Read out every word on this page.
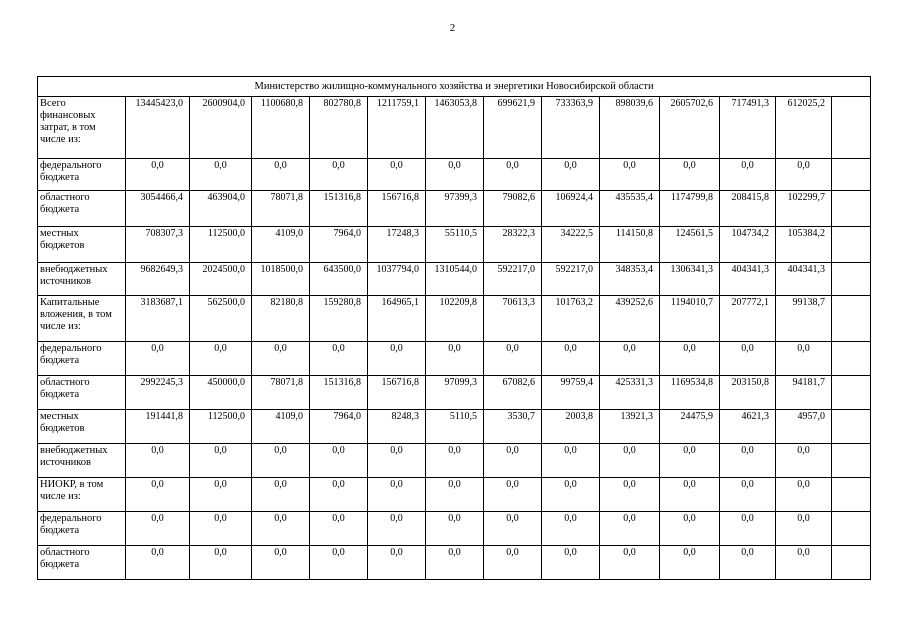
2
Министерство жилищно-коммунального хозяйства и энергетики Новосибирской области													
Всего финансовых затрат, в том числе из:	13445423,0	2600904,0	1100680,8	802780,8	1211759,1	1463053,8	699621,9	733363,9	898039,6	2605702,6	717491,3	612025,2	
федерального бюджета	0,0	0,0	0,0	0,0	0,0	0,0	0,0	0,0	0,0	0,0	0,0	0,0	
областного бюджета	3054466,4	463904,0	78071,8	151316,8	156716,8	97399,3	79082,6	106924,4	435535,4	1174799,8	208415,8	102299,7	
местных бюджетов	708307,3	112500,0	4109,0	7964,0	17248,3	55110,5	28322,3	34222,5	114150,8	124561,5	104734,2	105384,2	
внебюджетных источников	9682649,3	2024500,0	1018500,0	643500,0	1037794,0	1310544,0	592217,0	592217,0	348353,4	1306341,3	404341,3	404341,3	
Капитальные вложения, в том числе из:	3183687,1	562500,0	82180,8	159280,8	164965,1	102209,8	70613,3	101763,2	439252,6	1194010,7	207772,1	99138,7	
федерального бюджета	0,0	0,0	0,0	0,0	0,0	0,0	0,0	0,0	0,0	0,0	0,0	0,0	
областного бюджета	2992245,3	450000,0	78071,8	151316,8	156716,8	97099,3	67082,6	99759,4	425331,3	1169534,8	203150,8	94181,7	
местных бюджетов	191441,8	112500,0	4109,0	7964,0	8248,3	5110,5	3530,7	2003,8	13921,3	24475,9	4621,3	4957,0	
внебюджетных источников	0,0	0,0	0,0	0,0	0,0	0,0	0,0	0,0	0,0	0,0	0,0	0,0	
НИОКР, в том числе из:	0,0	0,0	0,0	0,0	0,0	0,0	0,0	0,0	0,0	0,0	0,0	0,0	
федерального бюджета	0,0	0,0	0,0	0,0	0,0	0,0	0,0	0,0	0,0	0,0	0,0	0,0	
областного бюджета	0,0	0,0	0,0	0,0	0,0	0,0	0,0	0,0	0,0	0,0	0,0	0,0	
